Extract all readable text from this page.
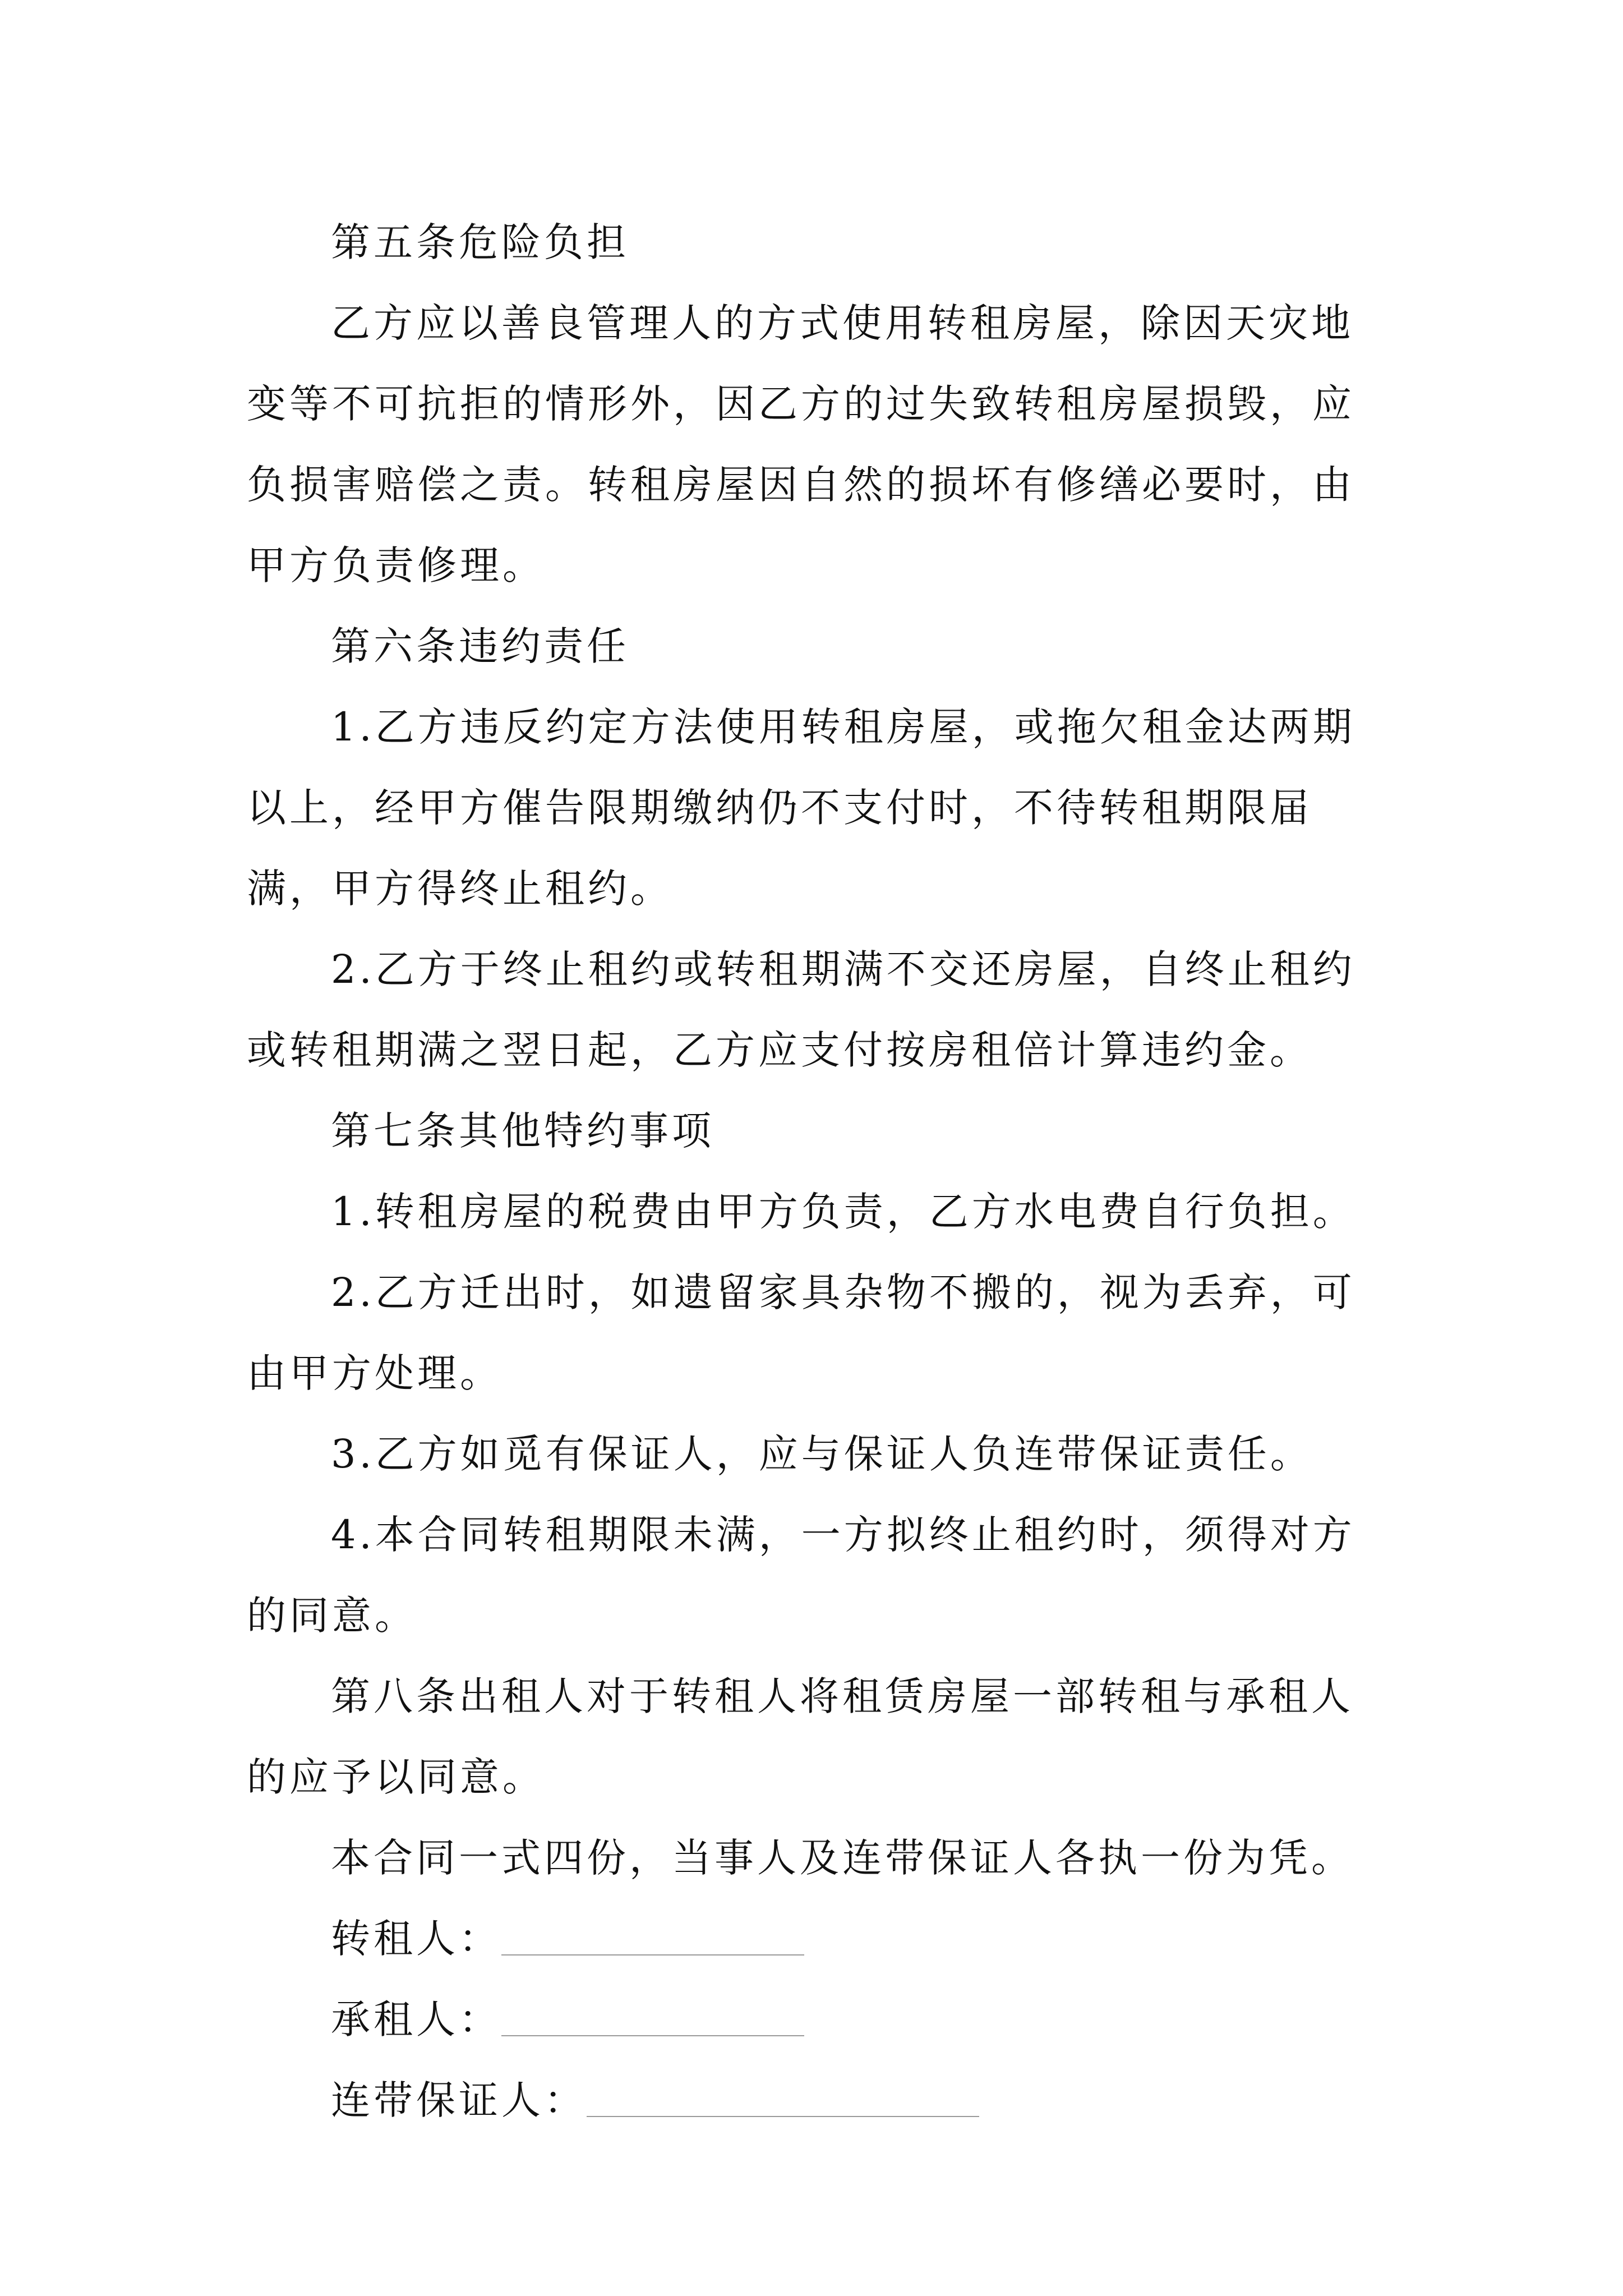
第五条危险负担

乙方应以善良管理人的方式使用转租房屋，除因天灾地变等不可抗拒的情形外，因乙方的过失致转租房屋损毁，应负损害赔偿之责。转租房屋因自然的损坏有修缮必要时，由甲方负责修理。

第六条违约责任

1.乙方违反约定方法使用转租房屋，或拖欠租金达两期以上，经甲方催告限期缴纳仍不支付时，不待转租期限届满，甲方得终止租约。

2.乙方于终止租约或转租期满不交还房屋，自终止租约或转租期满之翌日起，乙方应支付按房租倍计算违约金。

第七条其他特约事项

1.转租房屋的税费由甲方负责，乙方水电费自行负担。

2.乙方迁出时，如遗留家具杂物不搬的，视为丢弃，可由甲方处理。

3.乙方如觅有保证人，应与保证人负连带保证责任。

4.本合同转租期限未满，一方拟终止租约时，须得对方的同意。

第八条出租人对于转租人将租赁房屋一部转租与承租人的应予以同意。

本合同一式四份，当事人及连带保证人各执一份为凭。

转租人：
承租人：
连带保证人：
